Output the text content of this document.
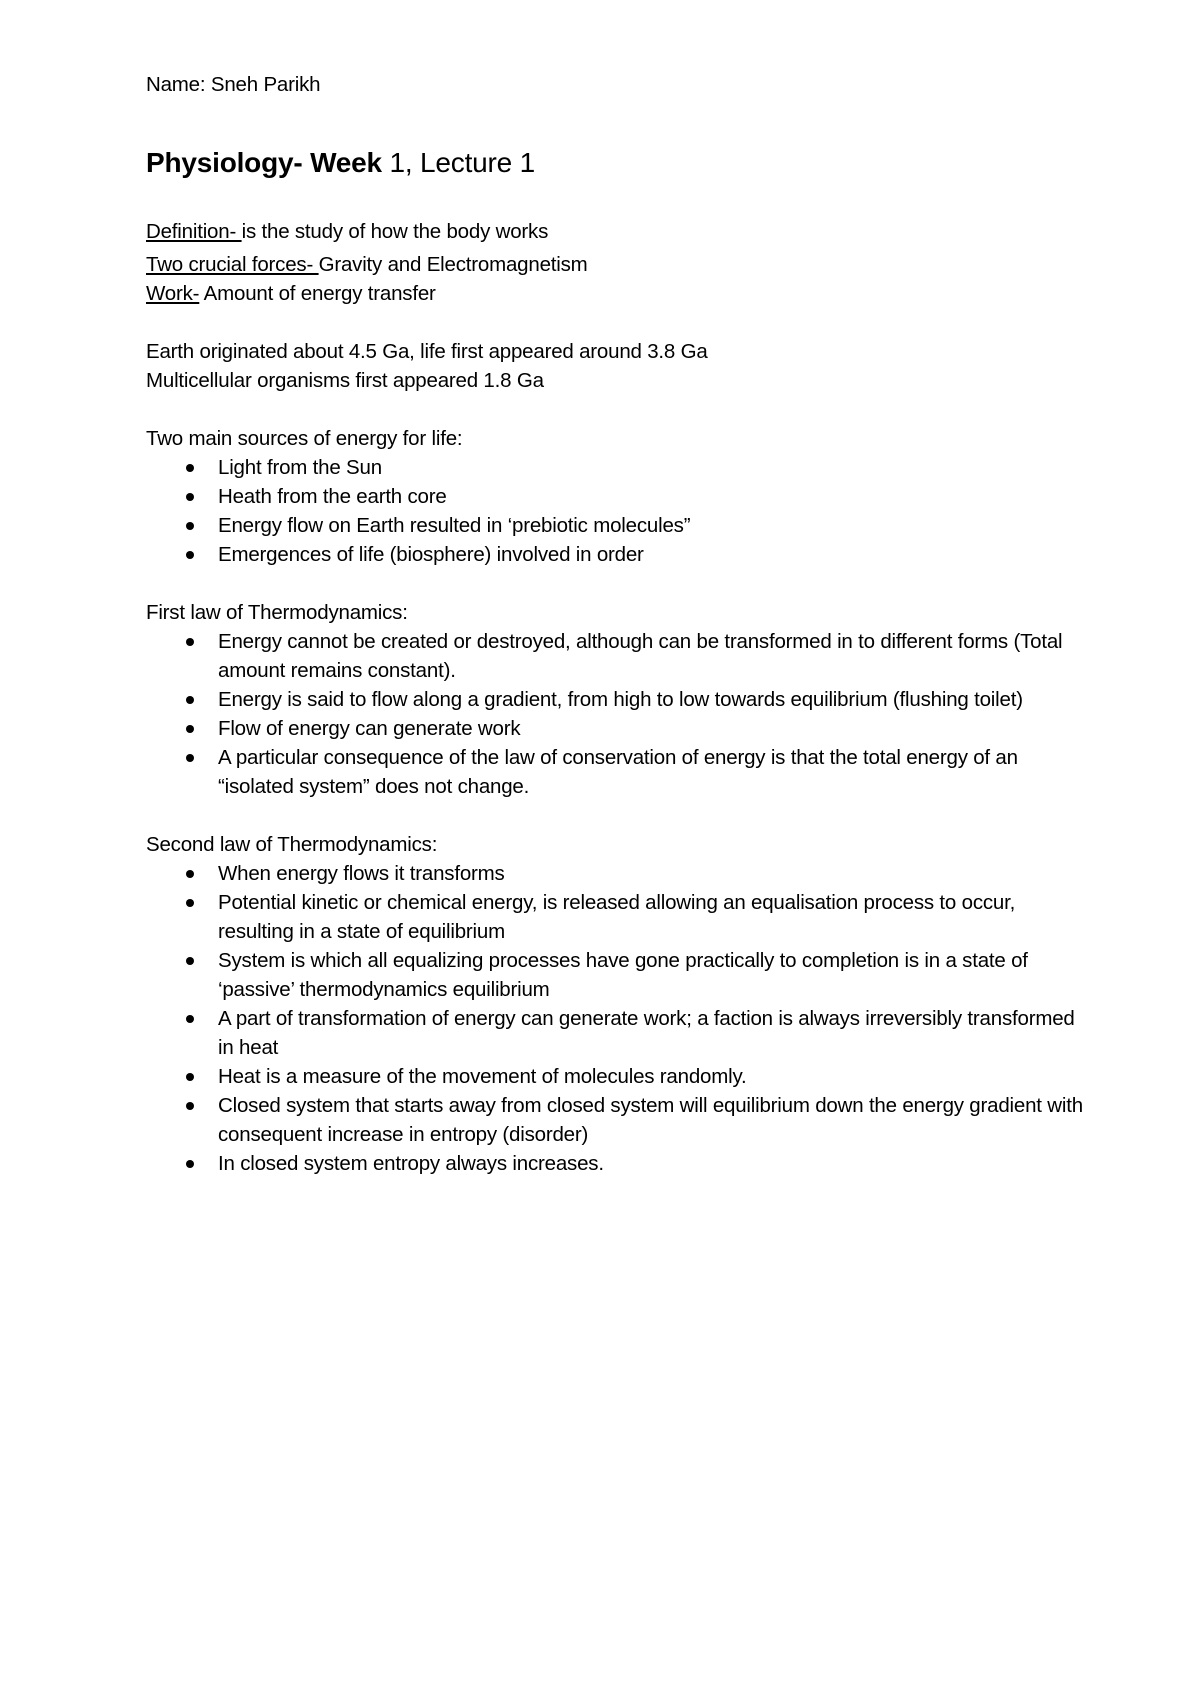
Name: Sneh Parikh

Physiology- Week 1, Lecture 1

Definition- is the study of how the body works

Two crucial forces- Gravity and Electromagnetism

Work- Amount of energy transfer

Earth originated about 4.5 Ga, life first appeared around 3.8 Ga

Multicellular organisms first appeared 1.8 Ga

Two main sources of energy for life:

Light from the Sun
Heath from the earth core
Energy flow on Earth resulted in ‘prebiotic molecules”
Emergences of life (biosphere) involved in order

First law of Thermodynamics:

Energy cannot be created or destroyed, although can be transformed in to different forms (Total amount remains constant).
Energy is said to flow along a gradient, from high to low towards equilibrium (flushing toilet)
Flow of energy can generate work
A particular consequence of the law of conservation of energy is that the total energy of an “isolated system” does not change.

Second law of Thermodynamics:

When energy flows it transforms
Potential kinetic or chemical energy, is released allowing an equalisation process to occur, resulting in a state of equilibrium
System is which all equalizing processes have gone practically to completion is in a state of ‘passive’ thermodynamics equilibrium
A part of transformation of energy can generate work; a faction is always irreversibly transformed in heat
Heat is a measure of the movement of molecules randomly.
Closed system that starts away from closed system will equilibrium down the energy gradient with consequent increase in entropy (disorder)
In closed system entropy always increases.
